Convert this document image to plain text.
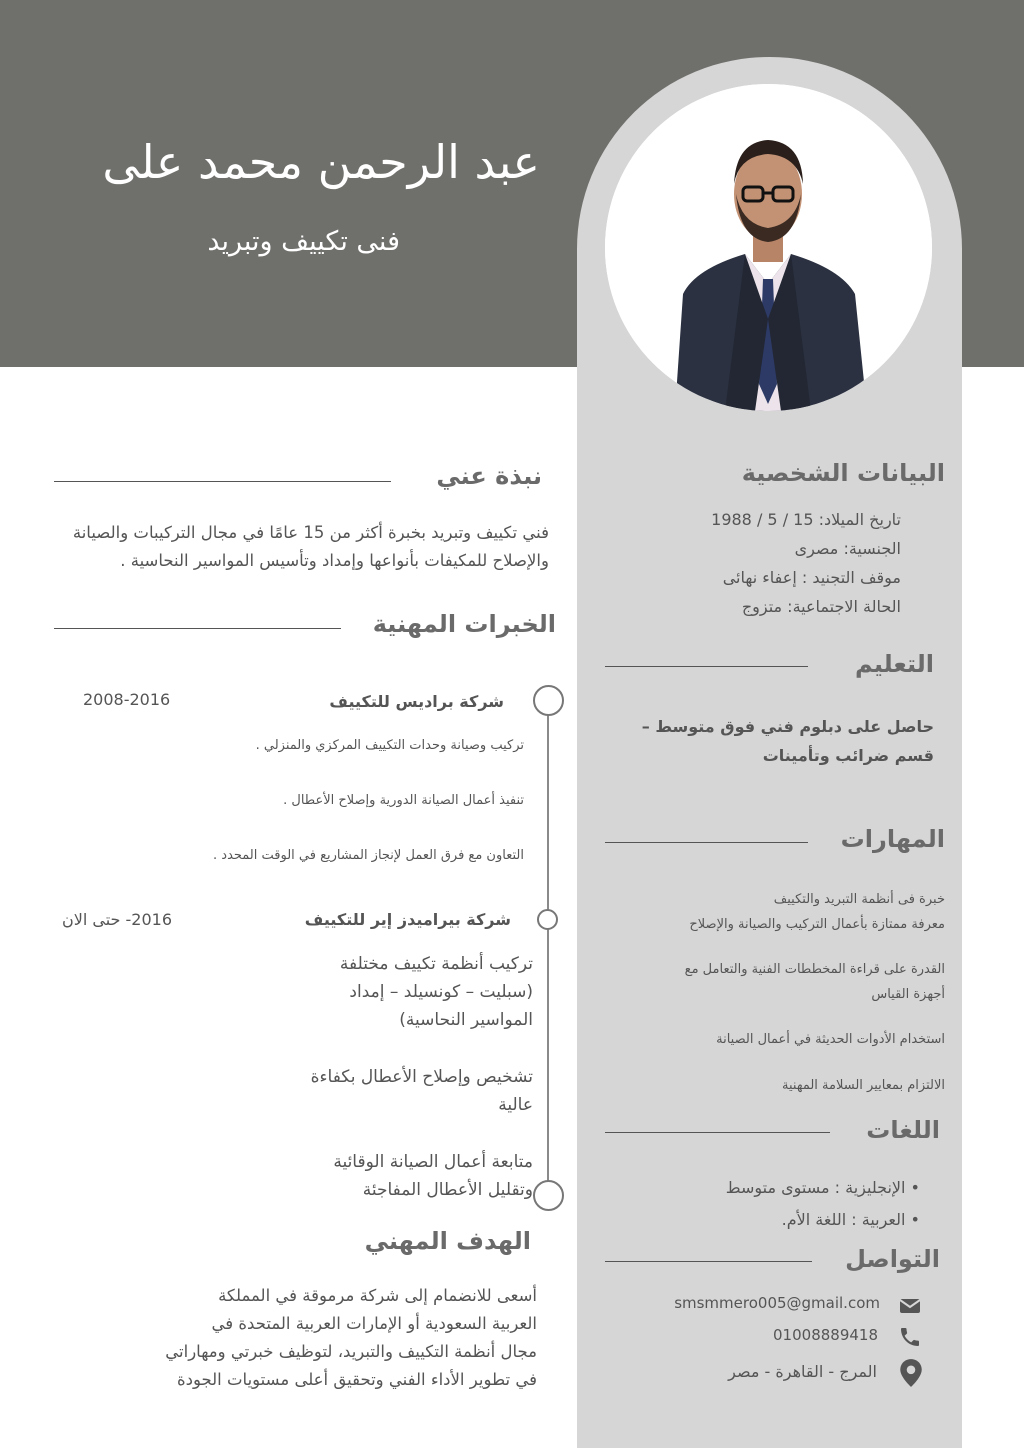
عبد الرحمن محمد على
فنى تكييف وتبريد
نبذة عني
فني تكييف وتبريد بخبرة أكثر من 15 عامًا في مجال التركيبات والصيانة
والإصلاح للمكيفات بأنواعها وإمداد وتأسيس المواسير النحاسية .
الخبرات المهنية
شركة براديس للتكييف
2008-2016
تركيب وصيانة وحدات التكييف المركزي والمنزلي .
تنفيذ أعمال الصيانة الدورية وإصلاح الأعطال .
التعاون مع فرق العمل لإنجاز المشاريع في الوقت المحدد .
شركة بيراميدز إير للتكييف
2016- حتى الان
تركيب أنظمة تكييف مختلفة
(سبليت – كونسيلد – إمداد
المواسير النحاسية)
تشخيص وإصلاح الأعطال بكفاءة
عالية
متابعة أعمال الصيانة الوقائية
وتقليل الأعطال المفاجئة
الهدف المهني
أسعى للانضمام إلى شركة مرموقة في المملكة
العربية السعودية أو الإمارات العربية المتحدة في
مجال أنظمة التكييف والتبريد، لتوظيف خبرتي ومهاراتي
في تطوير الأداء الفني وتحقيق أعلى مستويات الجودة
البيانات الشخصية
تاريخ الميلاد: 15 / 5 / 1988
الجنسية: مصرى
موقف التجنيد : إعفاء نهائى
الحالة الاجتماعية: متزوج
التعليم
حاصل على دبلوم فني فوق متوسط –
قسم ضرائب وتأمينات
المهارات
خبرة فى أنظمة التبريد والتكييف
معرفة ممتازة بأعمال التركيب والصيانة والإصلاح
القدرة على قراءة المخططات الفنية والتعامل مع
أجهزة القياس
استخدام الأدوات الحديثة في أعمال الصيانة
الالتزام بمعايير السلامة المهنية
اللغات
• الإنجليزية : مستوى متوسط
• العربية : اللغة الأم.
التواصل
smsmmero005@gmail.com
01008889418
المرج - القاهرة - مصر
